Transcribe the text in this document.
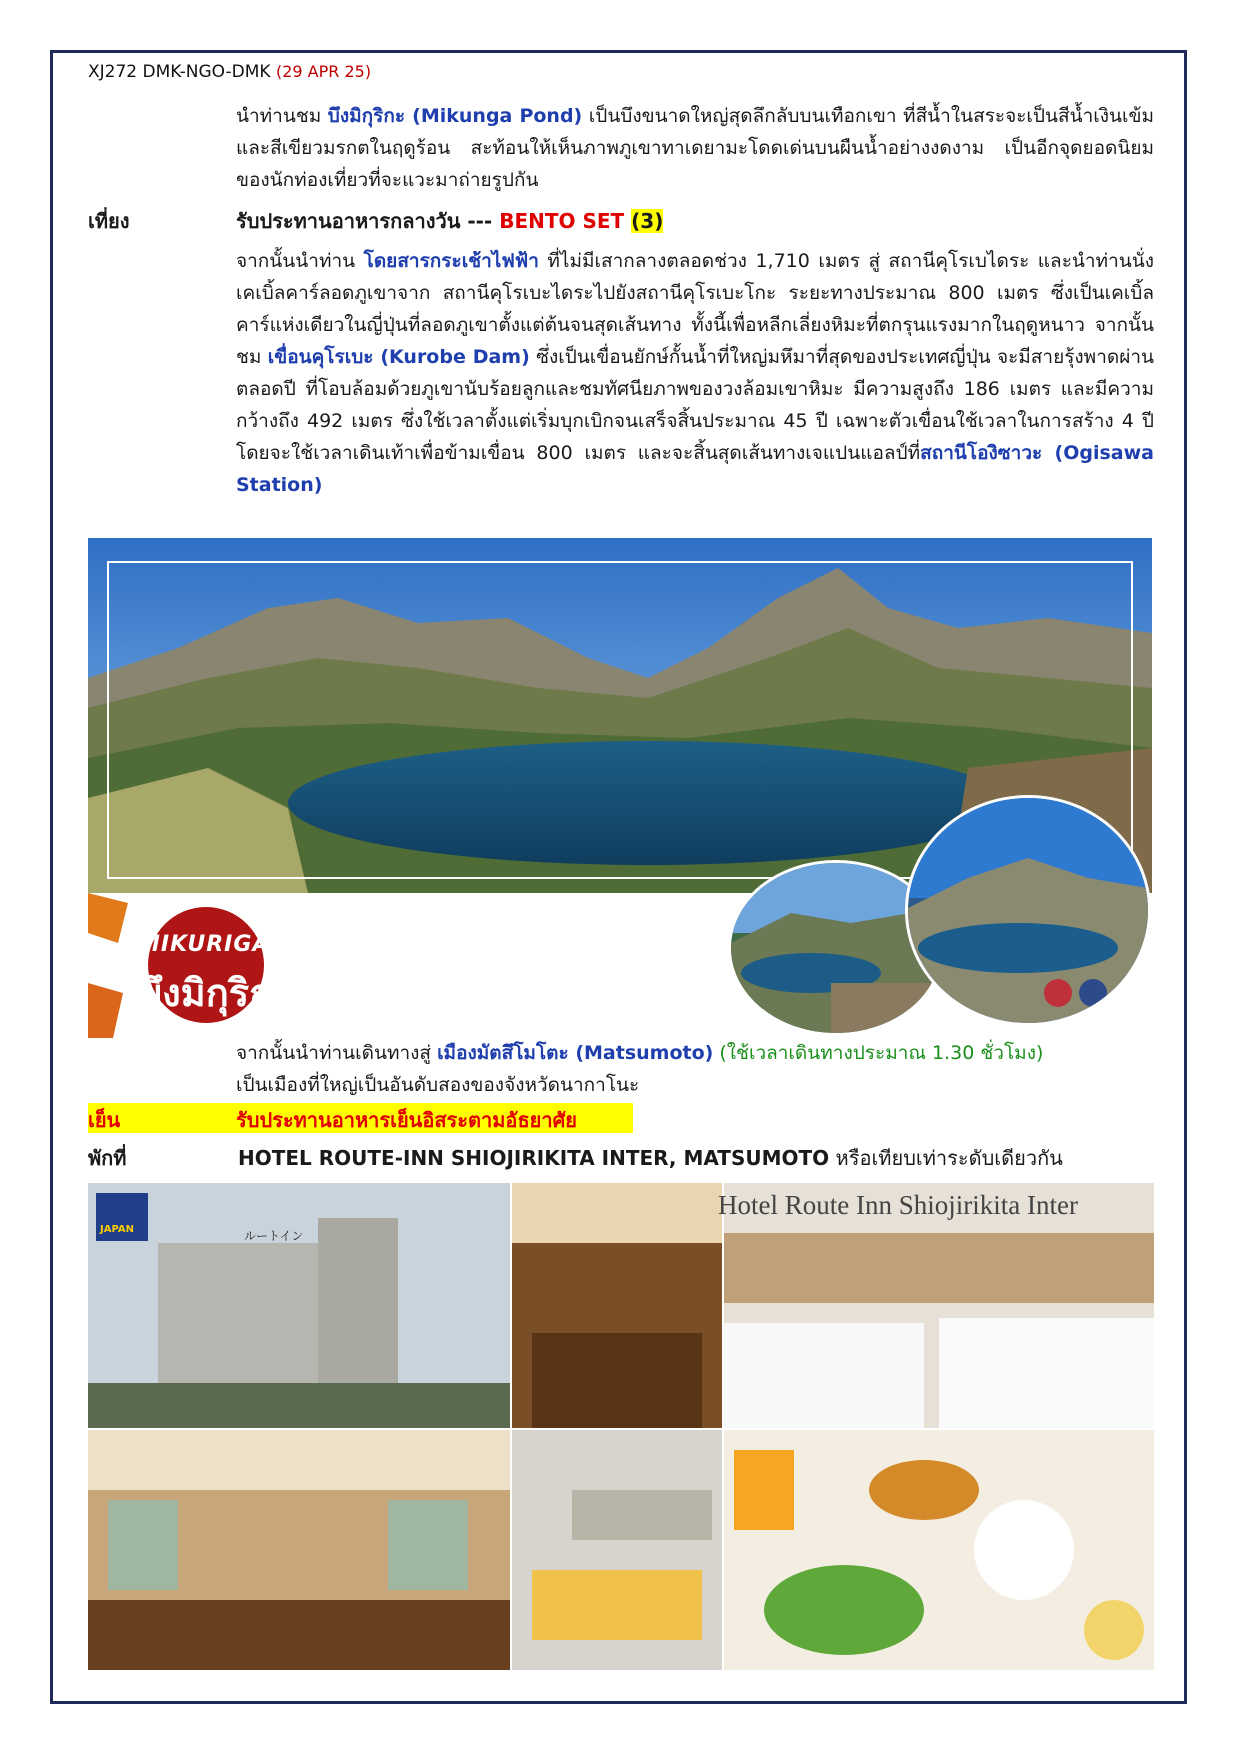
XJ272 DMK-NGO-DMK (29 APR 25)
นำท่านชม บึงมิกุริกะ (Mikunga Pond) เป็นบึงขนาดใหญ่สุดลึกลับบนเทือกเขา ที่สีน้ำในสระจะเป็นสีน้ำเงินเข้ม และสีเขียวมรกตในฤดูร้อน สะท้อนให้เห็นภาพภูเขาทาเดยามะโดดเด่นบนผืนน้ำอย่างงดงาม เป็นอีกจุดยอดนิยมของนักท่องเที่ยวที่จะแวะมาถ่ายรูปกัน
เที่ยง	รับประทานอาหารกลางวัน --- BENTO SET (3)
จากนั้นนำท่าน โดยสารกระเช้าไฟฟ้า ที่ไม่มีเสากลางตลอดช่วง 1,710 เมตร สู่ สถานีคุโรเบไดระ และนำท่านนั่งเคเบิ้ลคาร์ลอดภูเขาจาก สถานีคุโรเบะไดระไปยังสถานีคุโรเบะโกะ ระยะทางประมาณ 800 เมตร ซึ่งเป็นเคเบิ้ลคาร์แห่งเดียวในญี่ปุ่นที่ลอดภูเขาตั้งแต่ต้นจนสุดเส้นทาง ทั้งนี้เพื่อหลีกเลี่ยงหิมะที่ตกรุนแรงมากในฤดูหนาว จากนั้นชม เขื่อนคุโรเบะ (Kurobe Dam) ซึ่งเป็นเขื่อนยักษ์กั้นน้ำที่ใหญ่มหึมาที่สุดของประเทศญี่ปุ่น จะมีสายรุ้งพาดผ่านตลอดปี ที่โอบล้อมด้วยภูเขานับร้อยลูกและชมทัศนียภาพของวงล้อมเขาหิมะ มีความสูงถึง 186 เมตร และมีความกว้างถึง 492 เมตร ซึ่งใช้เวลาตั้งแต่เริ่มบุกเบิกจนเสร็จสิ้นประมาณ 45 ปี เฉพาะตัวเขื่อนใช้เวลาในการสร้าง 4 ปี โดยจะใช้เวลาเดินเท้าเพื่อข้ามเขื่อน 800 เมตร และจะสิ้นสุดเส้นทางเจแปนแอลป์ที่สถานีโองิซาวะ (Ogisawa Station)
MIKURIGA·IKE
บึงมิกุริกะ
จากนั้นนำท่านเดินทางสู่ เมืองมัตสึโมโตะ (Matsumoto) (ใช้เวลาเดินทางประมาณ 1.30 ชั่วโมง)
เป็นเมืองที่ใหญ่เป็นอันดับสองของจังหวัดนากาโนะ
เย็น	รับประทานอาหารเย็นอิสระตามอัธยาศัย
พักที่	HOTEL ROUTE-INN SHIOJIRIKITA INTER, MATSUMOTO หรือเทียบเท่าระดับเดียวกัน
ルートイン
JAPAN
Hotel Route Inn Shiojirikita Inter
